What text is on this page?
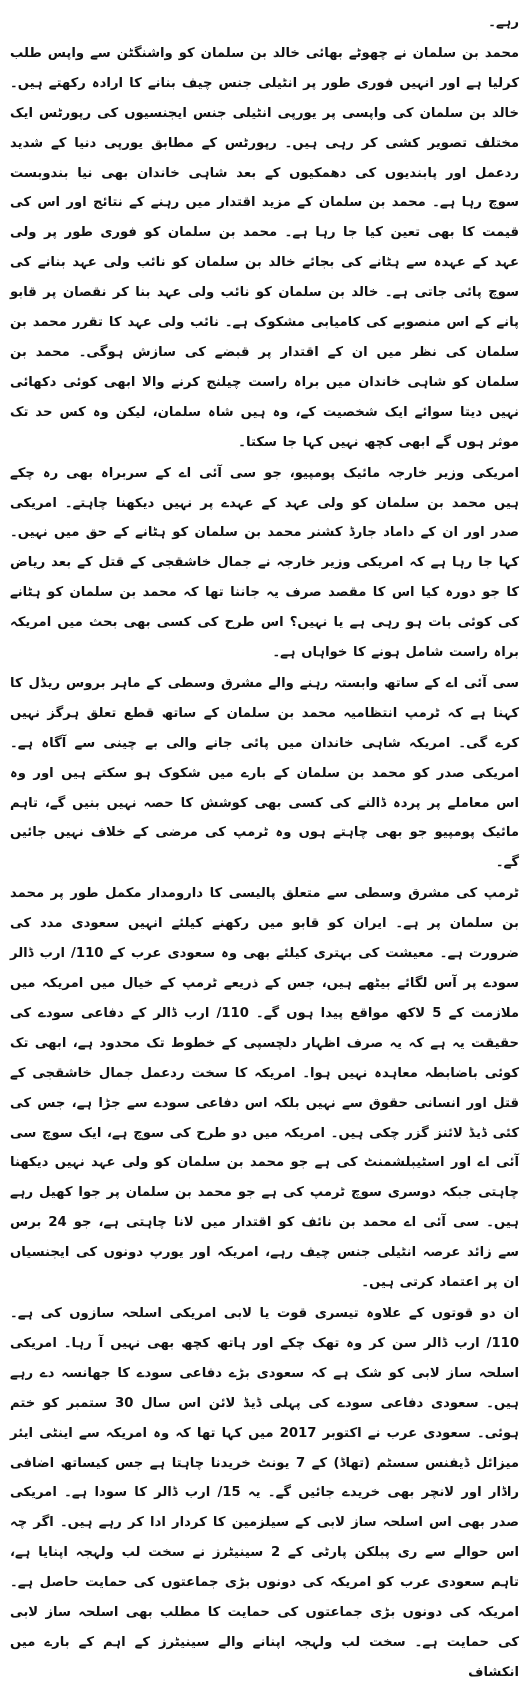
رہے۔

محمد بن سلمان نے چھوٹے بھائی خالد بن سلمان کو واشنگٹن سے واپس طلب کرلیا ہے اور انہیں فوری طور پر انٹیلی جنس چیف بنانے کا ارادہ رکھتے ہیں۔ خالد بن سلمان کی واپسی پر یورپی انٹیلی جنس ایجنسیوں کی رپورٹس ایک مختلف تصویر کشی کر رہی ہیں۔ رپورٹس کے مطابق یورپی دنیا کے شدید ردعمل اور پابندیوں کی دھمکیوں کے بعد شاہی خاندان بھی نیا بندوبست سوچ رہا ہے۔ محمد بن سلمان کے مزید اقتدار میں رہنے کے نتائج اور اس کی قیمت کا بھی تعین کیا جا رہا ہے۔ محمد بن سلمان کو فوری طور پر ولی عہد کے عہدہ سے ہٹانے کی بجائے خالد بن سلمان کو نائب ولی عہد بنانے کی سوچ پائی جاتی ہے۔ خالد بن سلمان کو نائب ولی عہد بنا کر نقصان پر قابو پانے کے اس منصوبے کی کامیابی مشکوک ہے۔ نائب ولی عہد کا تقرر محمد بن سلمان کی نظر میں ان کے اقتدار پر قبضے کی سازش ہوگی۔ محمد بن سلمان کو شاہی خاندان میں براہ راست چیلنج کرنے والا ابھی کوئی دکھائی نہیں دیتا سوائے ایک شخصیت کے، وہ ہیں شاہ سلمان، لیکن وہ کس حد تک موثر ہوں گے ابھی کچھ نہیں کہا جا سکتا۔

امریکی وزیر خارجہ مائیک پومپیو، جو سی آئی اے کے سربراہ بھی رہ چکے ہیں محمد بن سلمان کو ولی عہد کے عہدے پر نہیں دیکھنا چاہتے۔ امریکی صدر اور ان کے داماد جارڈ کشنر محمد بن سلمان کو ہٹانے کے حق میں نہیں۔ کہا جا رہا ہے کہ امریکی وزیر خارجہ نے جمال خاشقجی کے قتل کے بعد ریاض کا جو دورہ کیا اس کا مقصد صرف یہ جاننا تھا کہ محمد بن سلمان کو ہٹانے کی کوئی بات ہو رہی ہے یا نہیں؟ اس طرح کی کسی بھی بحث میں امریکہ براہ راست شامل ہونے کا خواہاں ہے۔

سی آئی اے کے ساتھ وابستہ رہنے والے مشرق وسطی کے ماہر بروس ریڈل کا کہنا ہے کہ ٹرمپ انتظامیہ محمد بن سلمان کے ساتھ قطع تعلق ہرگز نہیں کرے گی۔ امریکہ شاہی خاندان میں پائی جانے والی بے چینی سے آگاہ ہے۔ امریکی صدر کو محمد بن سلمان کے بارے میں شکوک ہو سکتے ہیں اور وہ اس معاملے پر پردہ ڈالنے کی کسی بھی کوشش کا حصہ نہیں بنیں گے، تاہم مائیک پومپیو جو بھی چاہتے ہوں وہ ٹرمپ کی مرضی کے خلاف نہیں جائیں گے۔

ٹرمپ کی مشرق وسطی سے متعلق پالیسی کا دارومدار مکمل طور پر محمد بن سلمان پر ہے۔ ایران کو قابو میں رکھنے کیلئے انہیں سعودی مدد کی ضرورت ہے۔ معیشت کی بہتری کیلئے بھی وہ سعودی عرب کے 110/ ارب ڈالر سودے پر آس لگائے بیٹھے ہیں، جس کے ذریعے ٹرمپ کے خیال میں امریکہ میں ملازمت کے 5 لاکھ مواقع پیدا ہوں گے۔ 110/ ارب ڈالر کے دفاعی سودے کی حقیقت یہ ہے کہ یہ صرف اظہار دلچسپی کے خطوط تک محدود ہے، ابھی تک کوئی باضابطہ معاہدہ نہیں ہوا۔ امریکہ کا سخت ردعمل جمال خاشقجی کے قتل اور انسانی حقوق سے نہیں بلکہ اس دفاعی سودے سے جڑا ہے، جس کی کئی ڈیڈ لائنز گزر چکی ہیں۔ امریکہ میں دو طرح کی سوچ ہے، ایک سوچ سی آئی اے اور اسٹیبلشمنٹ کی ہے جو محمد بن سلمان کو ولی عہد نہیں دیکھنا چاہتی جبکہ دوسری سوچ ٹرمپ کی ہے جو محمد بن سلمان پر جوا کھیل رہے ہیں۔ سی آئی اے محمد بن نائف کو اقتدار میں لانا چاہتی ہے، جو 24 برس سے زائد عرصہ انٹیلی جنس چیف رہے، امریکہ اور یورپ دونوں کی ایجنسیاں ان پر اعتماد کرتی ہیں۔

ان دو قوتوں کے علاوہ تیسری قوت یا لابی امریکی اسلحہ سازوں کی ہے۔ 110/ ارب ڈالر سن کر وہ تھک چکے اور ہاتھ کچھ بھی نہیں آ رہا۔ امریکی اسلحہ ساز لابی کو شک ہے کہ سعودی بڑے دفاعی سودے کا جھانسہ دے رہے ہیں۔ سعودی دفاعی سودے کی پہلی ڈیڈ لائن اس سال 30 ستمبر کو ختم ہوئی۔ سعودی عرب نے اکتوبر 2017 میں کہا تھا کہ وہ امریکہ سے اینٹی ایئر میزائل ڈیفنس سسٹم (تھاڈ) کے 7 یونٹ خریدنا چاہتا ہے جس کیساتھ اضافی راڈار اور لانچر بھی خریدے جائیں گے۔ یہ 15/ ارب ڈالر کا سودا ہے۔ امریکی صدر بھی اس اسلحہ ساز لابی کے سیلزمین کا کردار ادا کر رہے ہیں۔ اگر چہ اس حوالے سے ری پبلکن پارٹی کے 2 سینیٹرز نے سخت لب ولہجہ اپنایا ہے، تاہم سعودی عرب کو امریکہ کی دونوں بڑی جماعتوں کی حمایت حاصل ہے۔ امریکہ کی دونوں بڑی جماعتوں کی حمایت کا مطلب بھی اسلحہ ساز لابی کی حمایت ہے۔ سخت لب ولہجہ اپنانے والے سینیٹرز کے اہم کے بارے میں انکشاف
